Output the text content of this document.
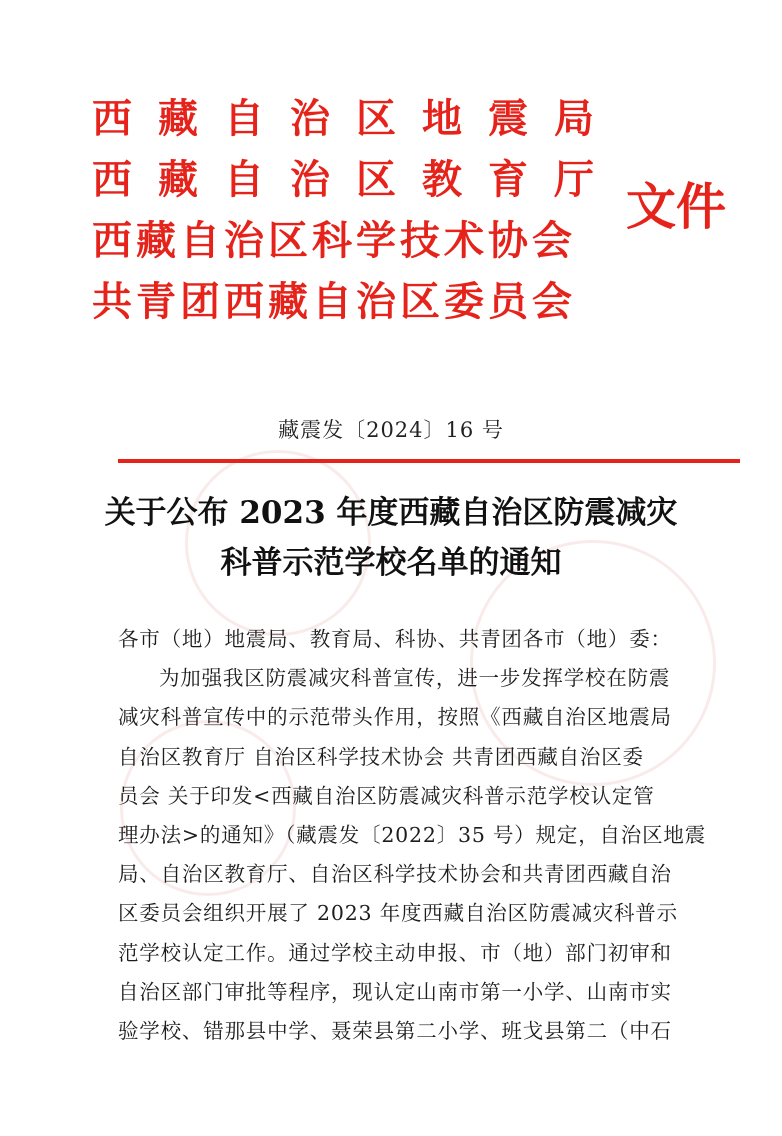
西藏自治区地震局
西藏自治区教育厅
西藏自治区科学技术协会
共青团西藏自治区委员会
文件
藏震发〔2024〕16 号
关于公布 2023 年度西藏自治区防震减灾
科普示范学校名单的通知
各市（地）地震局、教育局、科协、共青团各市（地）委：
为加强我区防震减灾科普宣传，进一步发挥学校在防震
减灾科普宣传中的示范带头作用，按照《西藏自治区地震局
自治区教育厅 自治区科学技术协会 共青团西藏自治区委
员会 关于印发<西藏自治区防震减灾科普示范学校认定管
理办法>的通知》（藏震发〔2022〕35 号）规定，自治区地震
局、自治区教育厅、自治区科学技术协会和共青团西藏自治
区委员会组织开展了 2023 年度西藏自治区防震减灾科普示
范学校认定工作。通过学校主动申报、市（地）部门初审和
自治区部门审批等程序，现认定山南市第一小学、山南市实
验学校、错那县中学、聂荣县第二小学、班戈县第二（中石
